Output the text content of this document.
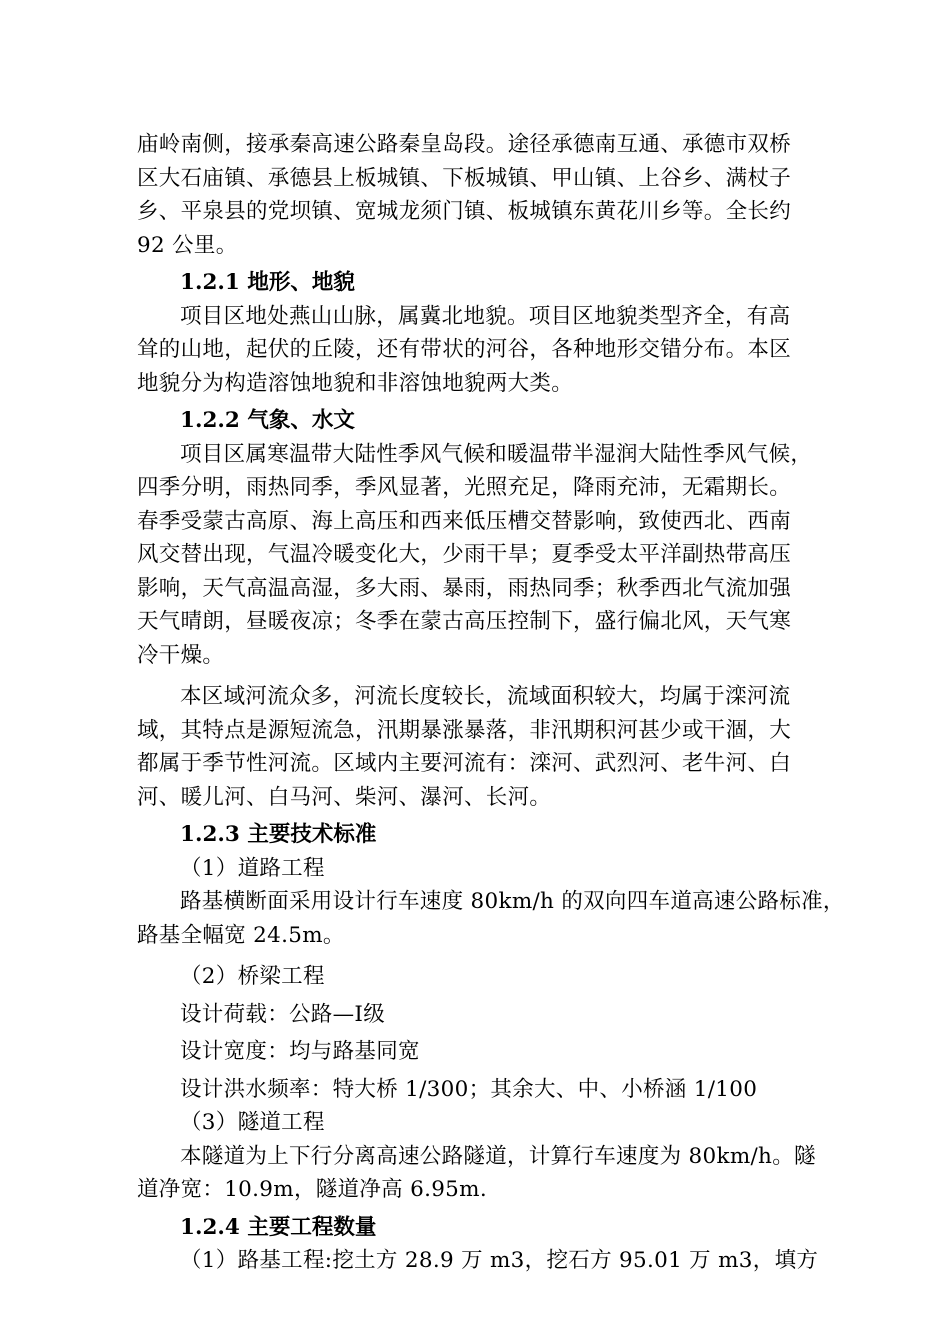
庙岭南侧，接承秦高速公路秦皇岛段。途径承德南互通、承德市双桥
区大石庙镇、承德县上板城镇、下板城镇、甲山镇、上谷乡、满杖子
乡、平泉县的党坝镇、宽城龙须门镇、板城镇东黄花川乡等。全长约
92 公里。
1.2.1 地形、地貌
项目区地处燕山山脉，属冀北地貌。项目区地貌类型齐全，有高
耸的山地，起伏的丘陵，还有带状的河谷，各种地形交错分布。本区
地貌分为构造溶蚀地貌和非溶蚀地貌两大类。
1.2.2 气象、水文
项目区属寒温带大陆性季风气候和暖温带半湿润大陆性季风气候，
四季分明，雨热同季，季风显著，光照充足，降雨充沛，无霜期长。
春季受蒙古高原、海上高压和西来低压槽交替影响，致使西北、西南
风交替出现，气温冷暖变化大，少雨干旱；夏季受太平洋副热带高压
影响，天气高温高湿，多大雨、暴雨，雨热同季；秋季西北气流加强
天气晴朗，昼暖夜凉；冬季在蒙古高压控制下，盛行偏北风，天气寒
冷干燥。
本区域河流众多，河流长度较长，流域面积较大，均属于滦河流
域，其特点是源短流急，汛期暴涨暴落，非汛期积河甚少或干涸，大
都属于季节性河流。区域内主要河流有：滦河、武烈河、老牛河、白
河、暖儿河、白马河、柴河、瀑河、长河。
1.2.3 主要技术标准
（1）道路工程
路基横断面采用设计行车速度 80km/h 的双向四车道高速公路标准，
路基全幅宽 24.5m。
（2）桥梁工程
设计荷载：公路—Ⅰ级
设计宽度：均与路基同宽
设计洪水频率：特大桥 1/300；其余大、中、小桥涵 1/100
（3）隧道工程
本隧道为上下行分离高速公路隧道，计算行车速度为 80km/h。隧
道净宽：10.9m，隧道净高 6.95m.
1.2.4 主要工程数量
（1）路基工程:挖土方 28.9 万 m3，挖石方 95.01 万 m3，填方
